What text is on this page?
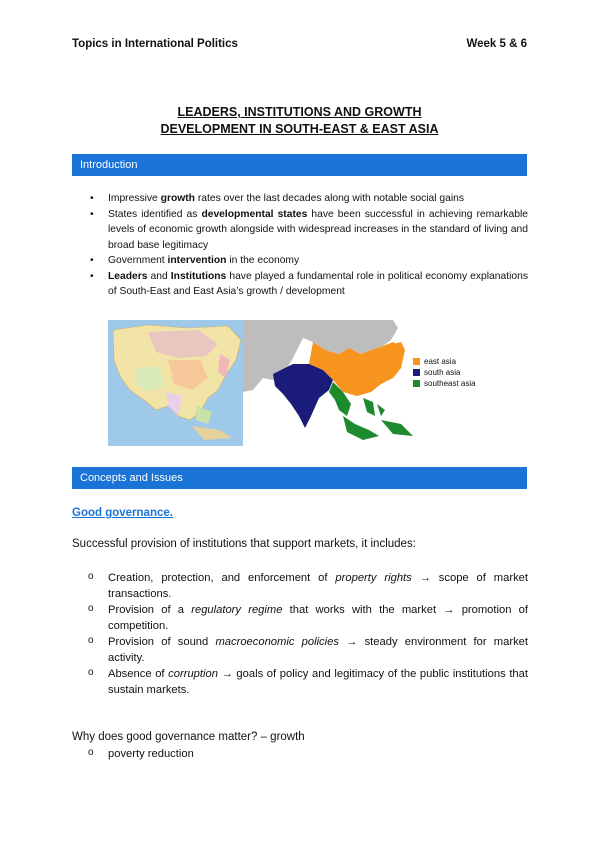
Topics in International Politics	Week 5 & 6
LEADERS, INSTITUTIONS AND GROWTH
DEVELOPMENT IN SOUTH-EAST & EAST ASIA
Introduction
• Impressive growth rates over the last decades along with notable social gains
• States identified as developmental states have been successful in achieving remarkable levels of economic growth alongside with widespread increases in the standard of living and broad base legitimacy
• Government intervention in the economy
• Leaders and Institutions have played a fundamental role in political economy explanations of South-East and East Asia’s growth / development
east asia
south asia
southeast asia
Concepts and Issues
Good governance.
Successful provision of institutions that support markets, it includes:
o Creation, protection, and enforcement of property rights → scope of market transactions.
o Provision of a regulatory regime that works with the market → promotion of competition.
o Provision of sound macroeconomic policies → steady environment for market activity.
o Absence of corruption → goals of policy and legitimacy of the public institutions that sustain markets.
Why does good governance matter? – growth
o poverty reduction
